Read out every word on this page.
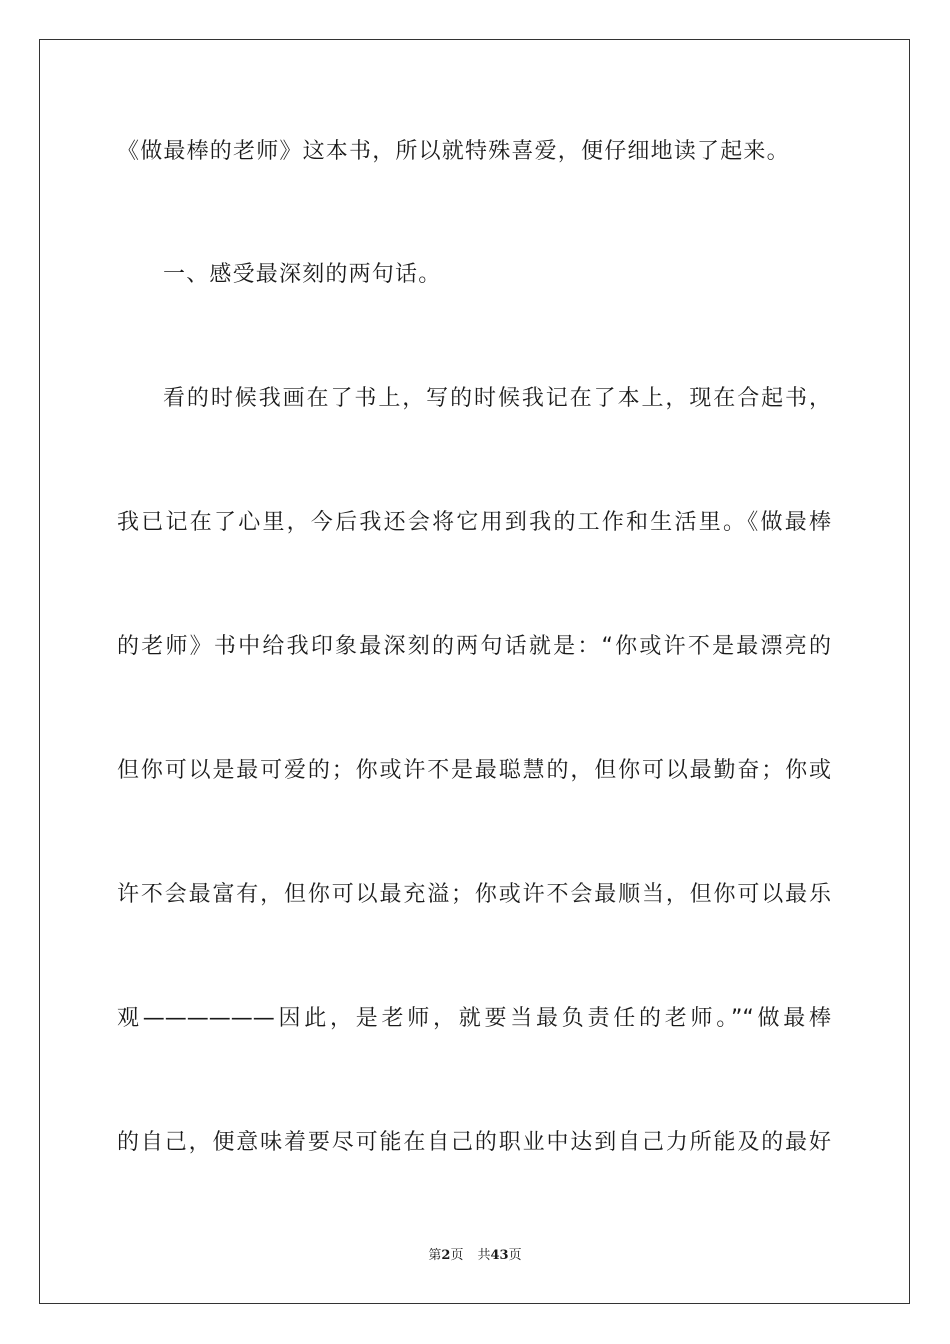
《做最棒的老师》这本书，所以就特殊喜爱，便仔细地读了起来。
一、感受最深刻的两句话。
看的时候我画在了书上，写的时候我记在了本上，现在合起书，
我已记在了心里，今后我还会将它用到我的工作和生活里。《做最棒
的老师》书中给我印象最深刻的两句话就是：“你或许不是最漂亮的
但你可以是最可爱的；你或许不是最聪慧的，但你可以最勤奋；你或
许不会最富有，但你可以最充溢；你或许不会最顺当，但你可以最乐
观——————因此，是老师，就要当最负责任的老师。”“做最棒
的自己，便意味着要尽可能在自己的职业中达到自己力所能及的最好
第2页 共43页
